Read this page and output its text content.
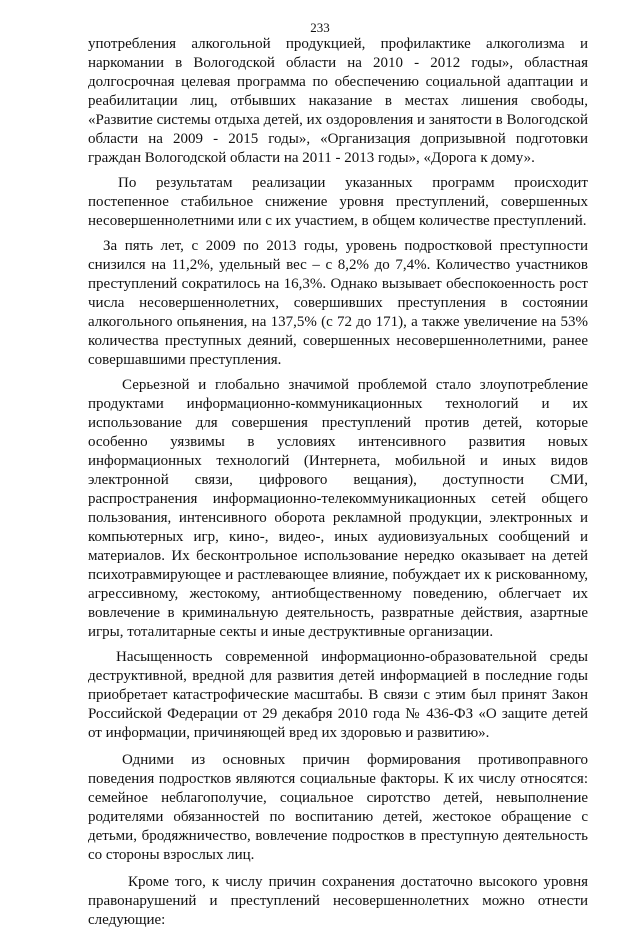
233

употребления алкогольной продукцией, профилактике алкоголизма и наркомании в Вологодской области на 2010 - 2012 годы», областная долгосрочная целевая программа по обеспечению социальной адаптации и реабилитации лиц, отбывших наказание в местах лишения свободы, «Развитие системы отдыха детей, их оздоровления и занятости в Вологодской области на 2009 - 2015 годы», «Организация допризывной подготовки граждан Вологодской области на 2011 - 2013 годы», «Дорога к дому».

По результатам реализации указанных программ происходит постепенное стабильное снижение уровня преступлений, совершенных несовершеннолетними или с их участием, в общем количестве преступлений.

За пять лет, с 2009 по 2013 годы, уровень подростковой преступности снизился на 11,2%, удельный вес – с 8,2% до 7,4%. Количество участников преступлений сократилось на 16,3%. Однако вызывает обеспокоенность рост числа несовершеннолетних, совершивших преступления в состоянии алкогольного опьянения, на 137,5% (с 72 до 171), а также увеличение на 53% количества преступных деяний, совершенных несовершеннолетними, ранее совершавшими преступления.

Серьезной и глобально значимой проблемой стало злоупотребление продуктами информационно-коммуникационных технологий и их использование для совершения преступлений против детей, которые особенно уязвимы в условиях интенсивного развития новых информационных технологий (Интернета, мобильной и иных видов электронной связи, цифрового вещания), доступности СМИ, распространения информационно-телекоммуникационных сетей общего пользования, интенсивного оборота рекламной продукции, электронных и компьютерных игр, кино-, видео-, иных аудиовизуальных сообщений и материалов. Их бесконтрольное использование нередко оказывает на детей психотравмирующее и растлевающее влияние, побуждает их к рискованному, агрессивному, жестокому, антиобщественному поведению, облегчает их вовлечение в криминальную деятельность, развратные действия, азартные игры, тоталитарные секты и иные деструктивные организации.

Насыщенность современной информационно-образовательной среды деструктивной, вредной для развития детей информацией в последние годы приобретает катастрофические масштабы. В связи с этим был принят Закон Российской Федерации от 29 декабря 2010 года № 436-ФЗ «О защите детей от информации, причиняющей вред их здоровью и развитию».

Одними из основных причин формирования противоправного поведения подростков являются социальные факторы. К их числу относятся: семейное неблагополучие, социальное сиротство детей, невыполнение родителями обязанностей по воспитанию детей, жестокое обращение с детьми, бродяжничество, вовлечение подростков в преступную деятельность со стороны взрослых лиц.

Кроме того, к числу причин сохранения достаточно высокого уровня правонарушений и преступлений несовершеннолетних можно отнести следующие:
